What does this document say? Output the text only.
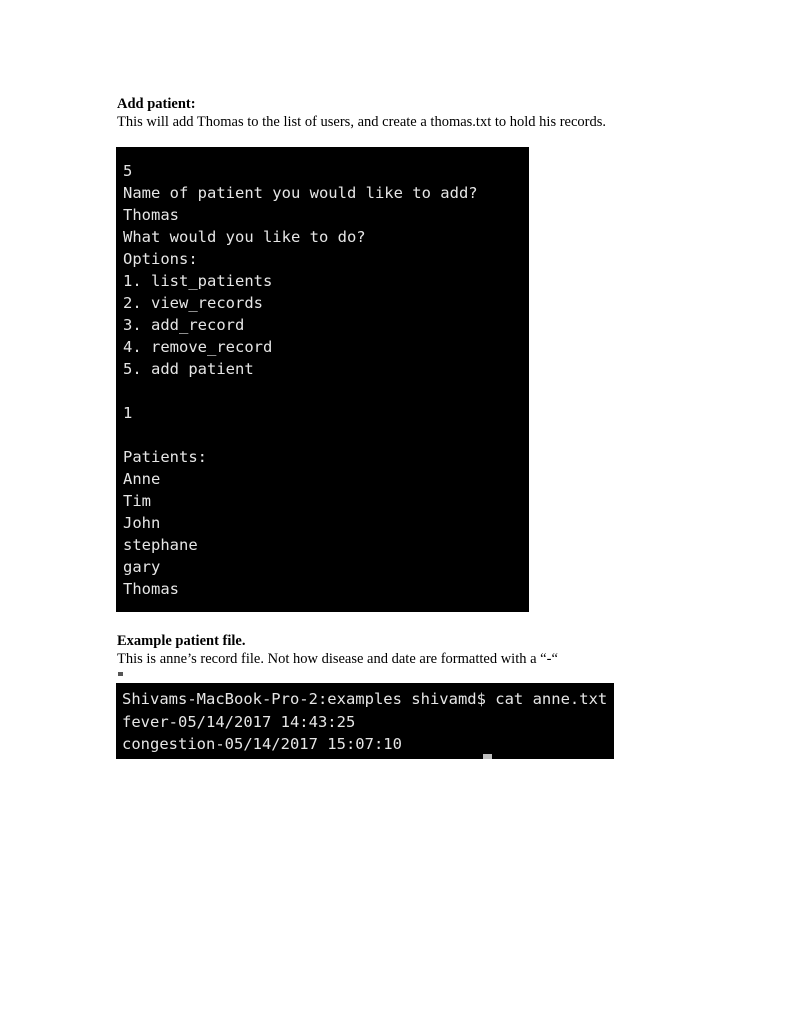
Add patient:

This will add Thomas to the list of users, and create a thomas.txt to hold his records.

5
Name of patient you would like to add?
Thomas
What would you like to do?
Options:
1. list_patients
2. view_records
3. add_record
4. remove_record
5. add patient
1
Patients:
Anne
Tim
John
stephane
gary
Thomas
Example patient file.

This is anne’s record file. Not how disease and date are formatted with a “-“

Shivams-MacBook-Pro-2:examples shivamd$ cat anne.txt
fever-05/14/2017 14:43:25
congestion-05/14/2017 15:07:10
